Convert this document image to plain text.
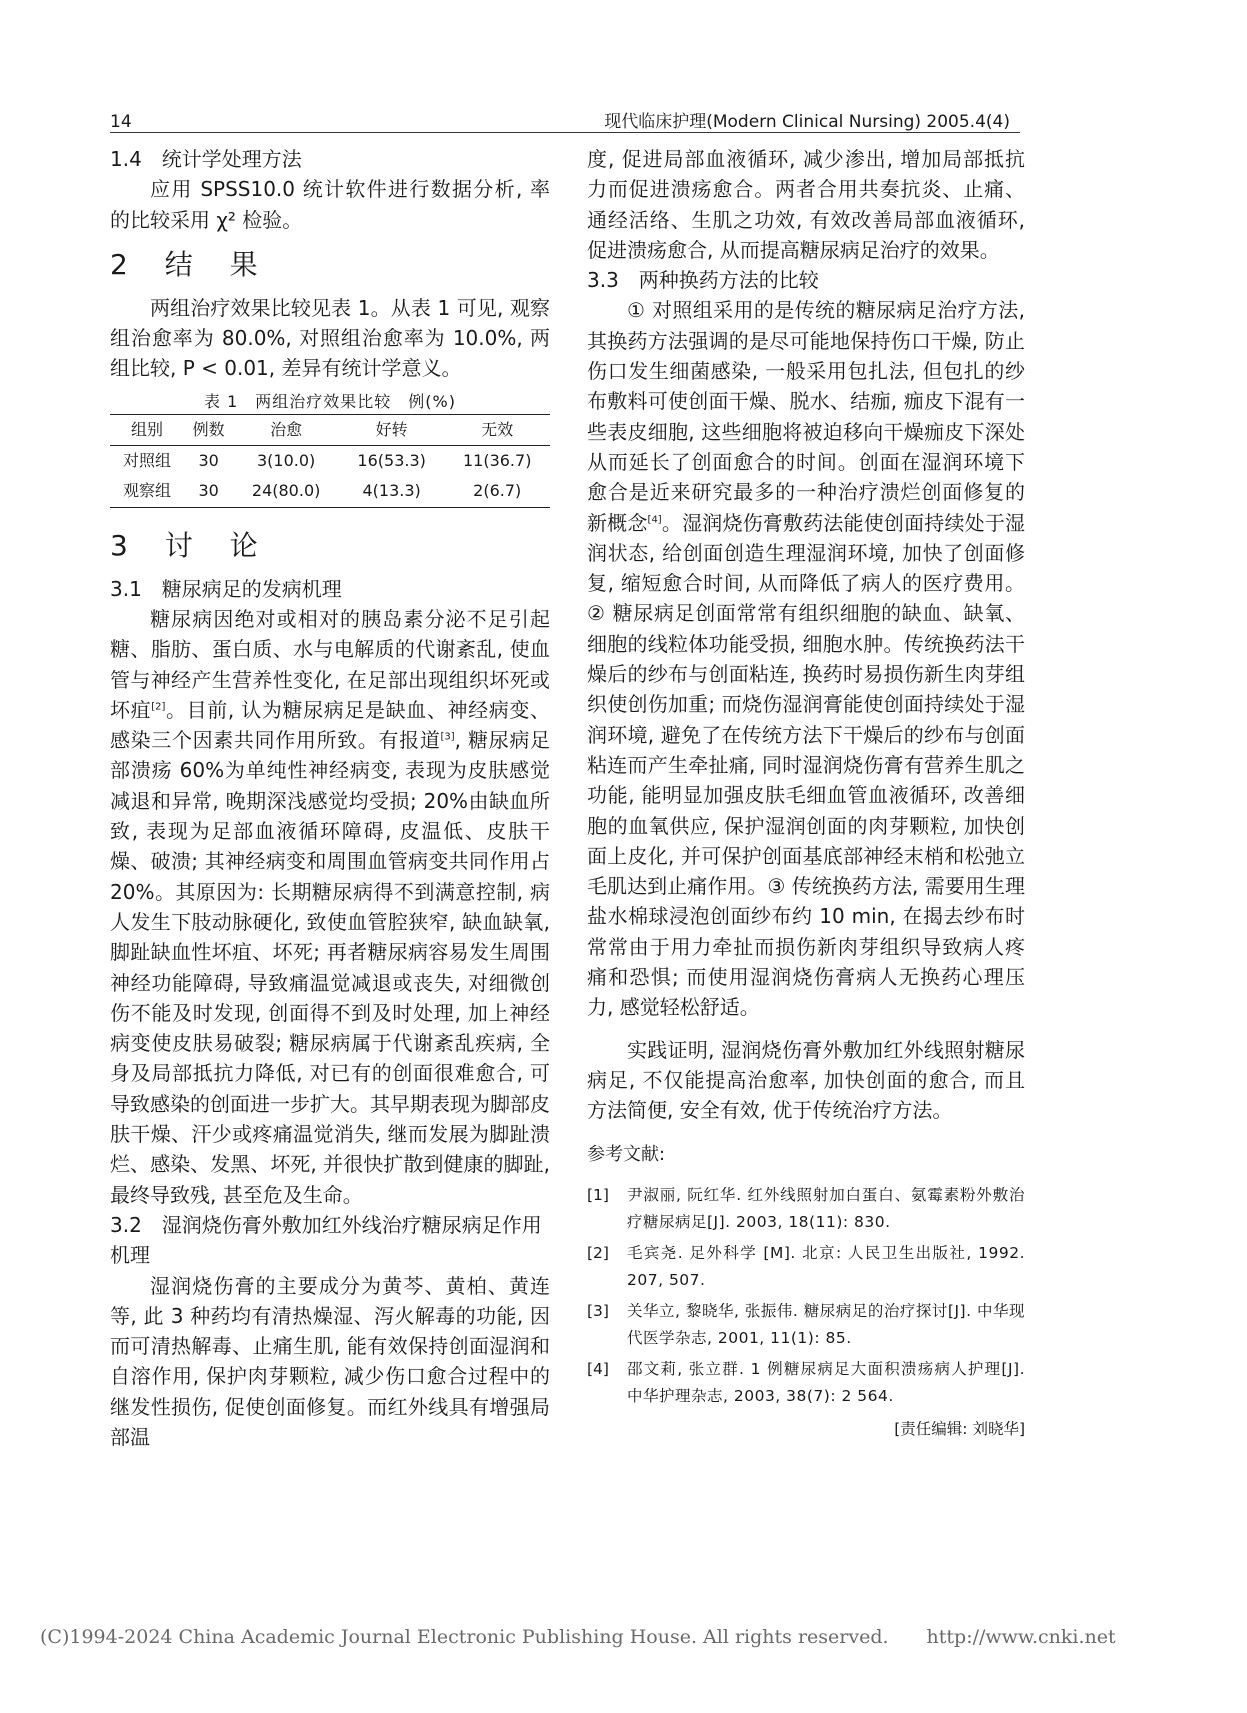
14	现代临床护理(Modern Clinical Nursing) 2005.4(4)
1.4　统计学处理方法

应用 SPSS10.0 统计软件进行数据分析, 率的比较采用 χ² 检验。

2 结 果

两组治疗效果比较见表 1。从表 1 可见, 观察组治愈率为 80.0%, 对照组治愈率为 10.0%, 两组比较, P < 0.01, 差异有统计学意义。

表 1　两组治疗效果比较　例(%)
组别	例数	治愈	好转	无效
对照组	30	3(10.0)	16(53.3)	11(36.7)
观察组	30	24(80.0)	4(13.3)	2(6.7)
3 讨 论
3.1　糖尿病足的发病机理

糖尿病因绝对或相对的胰岛素分泌不足引起糖、脂肪、蛋白质、水与电解质的代谢紊乱, 使血管与神经产生营养性变化, 在足部出现组织坏死或坏疽[2]。目前, 认为糖尿病足是缺血、神经病变、感染三个因素共同作用所致。有报道[3], 糖尿病足部溃疡 60%为单纯性神经病变, 表现为皮肤感觉减退和异常, 晚期深浅感觉均受损; 20%由缺血所致, 表现为足部血液循环障碍, 皮温低、皮肤干燥、破溃; 其神经病变和周围血管病变共同作用占 20%。其原因为: 长期糖尿病得不到满意控制, 病人发生下肢动脉硬化, 致使血管腔狭窄, 缺血缺氧, 脚趾缺血性坏疽、坏死; 再者糖尿病容易发生周围神经功能障碍, 导致痛温觉减退或丧失, 对细微创伤不能及时发现, 创面得不到及时处理, 加上神经病变使皮肤易破裂; 糖尿病属于代谢紊乱疾病, 全身及局部抵抗力降低, 对已有的创面很难愈合, 可导致感染的创面进一步扩大。其早期表现为脚部皮肤干燥、汗少或疼痛温觉消失, 继而发展为脚趾溃烂、感染、发黑、坏死, 并很快扩散到健康的脚趾, 最终导致残, 甚至危及生命。

3.2　湿润烧伤膏外敷加红外线治疗糖尿病足作用机理

湿润烧伤膏的主要成分为黄芩、黄柏、黄连等, 此 3 种药均有清热燥湿、泻火解毒的功能, 因而可清热解毒、止痛生肌, 能有效保持创面湿润和自溶作用, 保护肉芽颗粒, 减少伤口愈合过程中的继发性损伤, 促使创面修复。而红外线具有增强局部温

度, 促进局部血液循环, 减少渗出, 增加局部抵抗力而促进溃疡愈合。两者合用共奏抗炎、止痛、通经活络、生肌之功效, 有效改善局部血液循环, 促进溃疡愈合, 从而提高糖尿病足治疗的效果。

3.3　两种换药方法的比较

① 对照组采用的是传统的糖尿病足治疗方法, 其换药方法强调的是尽可能地保持伤口干燥, 防止伤口发生细菌感染, 一般采用包扎法, 但包扎的纱布敷料可使创面干燥、脱水、结痂, 痂皮下混有一些表皮细胞, 这些细胞将被迫移向干燥痂皮下深处从而延长了创面愈合的时间。创面在湿润环境下愈合是近来研究最多的一种治疗溃烂创面修复的新概念[4]。湿润烧伤膏敷药法能使创面持续处于湿润状态, 给创面创造生理湿润环境, 加快了创面修复, 缩短愈合时间, 从而降低了病人的医疗费用。② 糖尿病足创面常常有组织细胞的缺血、缺氧、细胞的线粒体功能受损, 细胞水肿。传统换药法干燥后的纱布与创面粘连, 换药时易损伤新生肉芽组织使创伤加重; 而烧伤湿润膏能使创面持续处于湿润环境, 避免了在传统方法下干燥后的纱布与创面粘连而产生牵扯痛, 同时湿润烧伤膏有营养生肌之功能, 能明显加强皮肤毛细血管血液循环, 改善细胞的血氧供应, 保护湿润创面的肉芽颗粒, 加快创面上皮化, 并可保护创面基底部神经末梢和松弛立毛肌达到止痛作用。③ 传统换药方法, 需要用生理盐水棉球浸泡创面纱布约 10 min, 在揭去纱布时常常由于用力牵扯而损伤新肉芽组织导致病人疼痛和恐惧; 而使用湿润烧伤膏病人无换药心理压力, 感觉轻松舒适。

实践证明, 湿润烧伤膏外敷加红外线照射糖尿病足, 不仅能提高治愈率, 加快创面的愈合, 而且方法简便, 安全有效, 优于传统治疗方法。

参考文献:
[1]	尹淑丽, 阮红华. 红外线照射加白蛋白、氨霉素粉外敷治疗糖尿病足[J]. 2003, 18(11): 830.
[2]	毛宾尧. 足外科学 [M]. 北京: 人民卫生出版社, 1992. 207, 507.
[3]	关华立, 黎晓华, 张振伟. 糖尿病足的治疗探讨[J]. 中华现代医学杂志, 2001, 11(1): 85.
[4]	邵文莉, 张立群. 1 例糖尿病足大面积溃疡病人护理[J]. 中华护理杂志, 2003, 38(7): 2 564.
[责任编辑: 刘晓华]
(C)1994-2024 China Academic Journal Electronic Publishing House. All rights reserved.　　http://www.cnki.net
